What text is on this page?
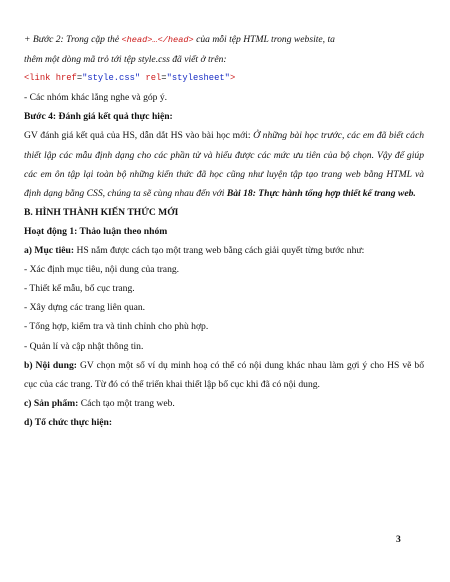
+ Bước 2: Trong cặp thẻ <head>…</head> của mỗi tệp HTML trong website, ta
thêm một dòng mã trỏ tới tệp style.css đã viết ở trên:

<link href="style.css" rel="stylesheet">

- Các nhóm khác lắng nghe và góp ý.

Bước 4: Đánh giá kết quả thực hiện:

GV đánh giá kết quả của HS, dẫn dắt HS vào bài học mới: Ở những bài học trước, các em đã biết cách thiết lập các mẫu định dạng cho các phần tử và hiểu được các mức ưu tiên của bộ chọn. Vậy để giúp các em ôn tập lại toàn bộ những kiến thức đã học cũng như luyện tập tạo trang web bằng HTML và định dạng bằng CSS, chúng ta sẽ cùng nhau đến với Bài 18: Thực hành tổng hợp thiết kế trang web.

B. HÌNH THÀNH KIẾN THỨC MỚI

Hoạt động 1: Thảo luận theo nhóm

a) Mục tiêu: HS nắm được cách tạo một trang web bằng cách giải quyết từng bước như:

- Xác định mục tiêu, nội dung của trang.

- Thiết kế mẫu, bố cục trang.

- Xây dựng các trang liên quan.

- Tổng hợp, kiểm tra và tinh chỉnh cho phù hợp.

- Quản lí và cập nhật thông tin.

b) Nội dung: GV chọn một số ví dụ minh hoạ có thể có nội dung khác nhau làm gợi ý cho HS vẽ bố cục của các trang. Từ đó có thể triển khai thiết lập bố cục khi đã có nội dung.

c) Sản phẩm: Cách tạo một trang web.

d) Tổ chức thực hiện:

3
